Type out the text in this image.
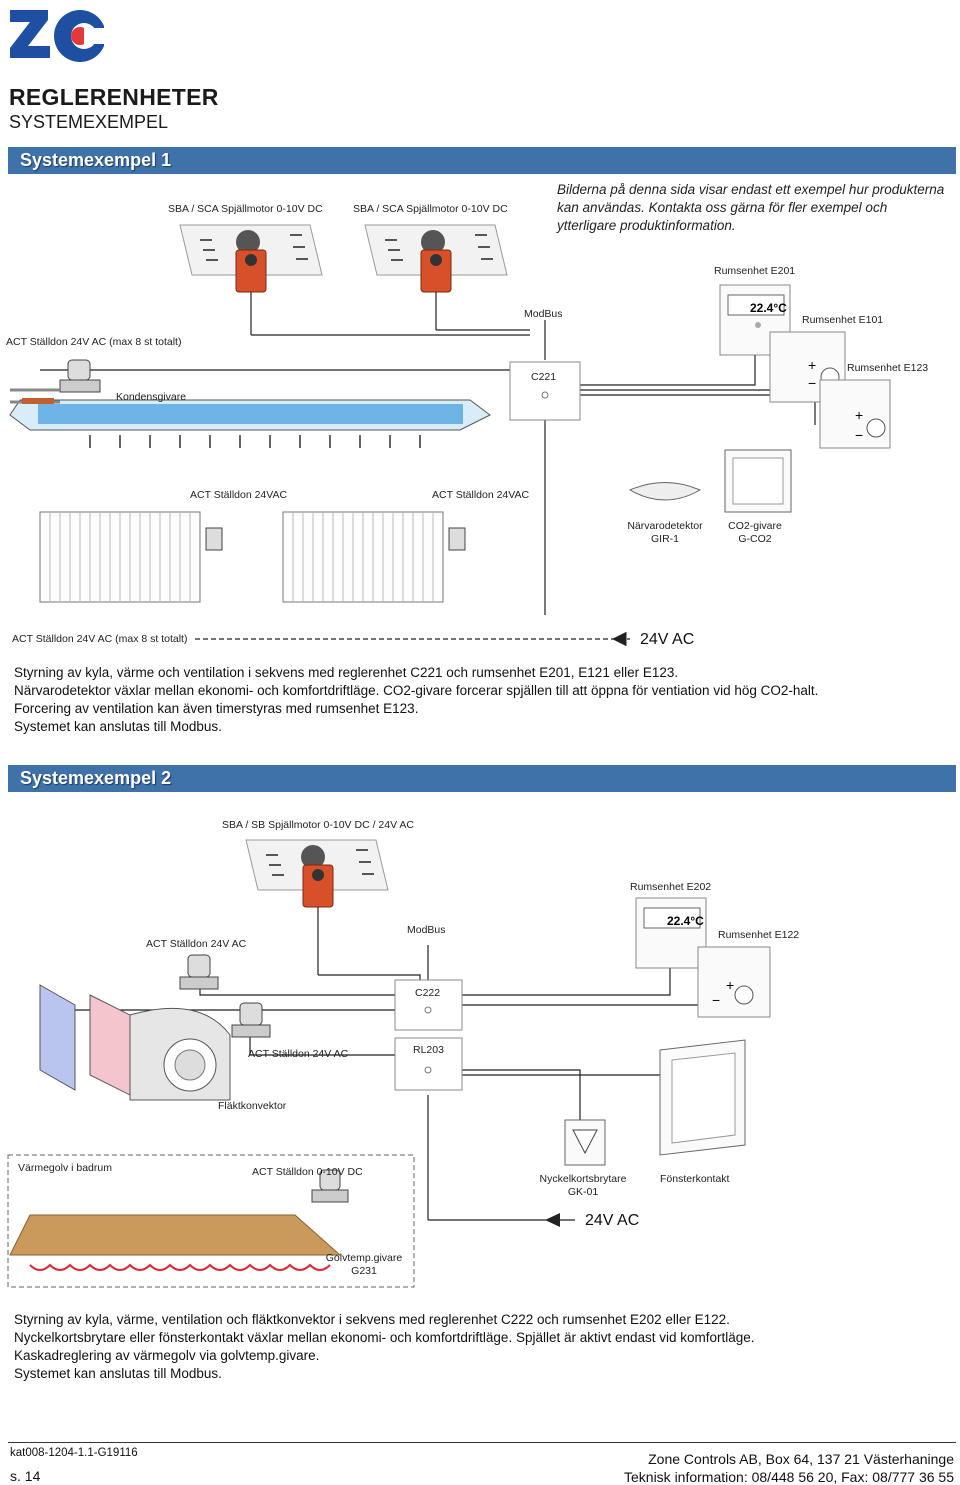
REGLERENHETER
SYSTEMEXEMPEL
Systemexempel 1
SBA / SCA Spjällmotor 0-10V DC	SBA / SCA Spjällmotor 0-10V DC
Bilderna på denna sida visar endast ett exempel hur produkterna kan användas. Kontakta oss gärna för fler exempel och ytterligare produktinformation.
22.4°C
+
−
+
−
Rumsenhet E201
ModBus	Rumsenhet E101
ACT Ställdon 24V AC (max 8 st totalt)
C221
Rumsenhet E123
Kondensgivare
ACT Ställdon 24VAC	ACT Ställdon 24VAC
Närvarodetektor
GIR-1
CO2-givare
G-CO2
ACT Ställdon 24V AC (max 8 st totalt)	24V AC
Styrning av kyla, värme och ventilation i sekvens med reglerenhet C221 och rumsenhet E201, E121 eller E123.
Närvarodetektor växlar mellan ekonomi- och komfortdriftläge. CO2-givare forcerar spjällen till att öppna för ventiation vid hög CO2-halt.
Forcering av ventilation kan även timerstyras med rumsenhet E123.
Systemet kan anslutas till Modbus.
Systemexempel 2
SBA / SB Spjällmotor 0-10V DC / 24V AC
22.4°C
+
−
Rumsenhet E202
ModBus
ACT Ställdon 24V AC
Rumsenhet E122
C222
RL203
ACT Ställdon 24V AC
Fläktkonvektor
Värmegolv i badrum	ACT Ställdon 0-10V DC
Nyckelkortsbrytare
GK-01
Fönsterkontakt
24V AC
Golvtemp.givare
G231
Styrning av kyla, värme, ventilation och fläktkonvektor i sekvens med reglerenhet C222 och rumsenhet E202 eller E122.
Nyckelkortsbrytare eller fönsterkontakt växlar mellan ekonomi- och komfortdriftläge. Spjället är aktivt endast vid komfortläge.
Kaskadreglering av värmegolv via golvtemp.givare.
Systemet kan anslutas till Modbus.
kat008-1204-1.1-G19116
s. 14
Zone Controls AB, Box 64, 137 21 Västerhaninge
Teknisk information: 08/448 56 20, Fax: 08/777 36 55
